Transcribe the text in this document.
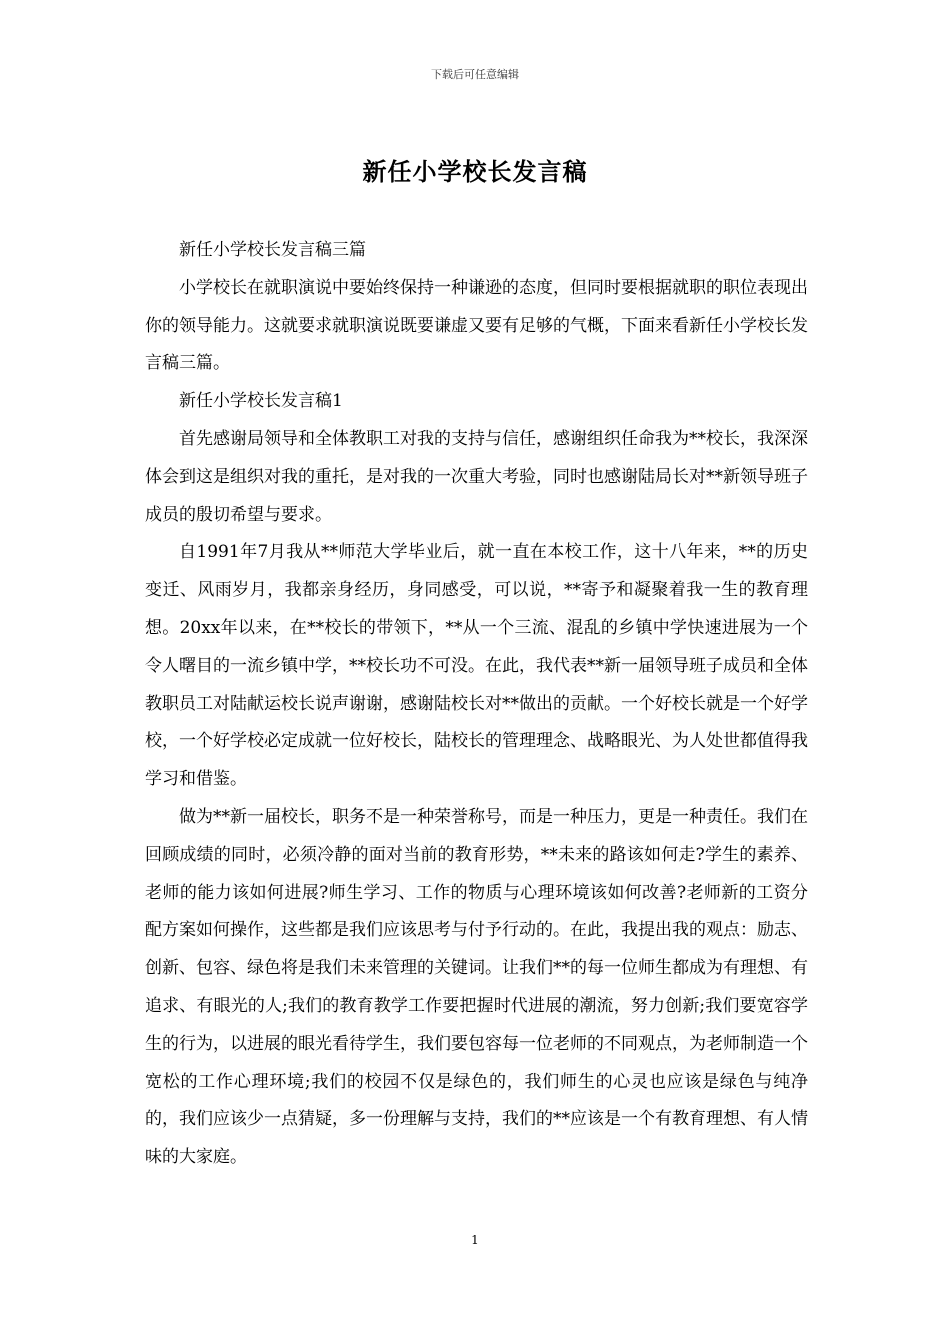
下载后可任意编辑
新任小学校长发言稿

新任小学校长发言稿三篇

小学校长在就职演说中要始终保持一种谦逊的态度，但同时要根据就职的职位表现出你的领导能力。这就要求就职演说既要谦虚又要有足够的气概，下面来看新任小学校长发言稿三篇。

新任小学校长发言稿1

首先感谢局领导和全体教职工对我的支持与信任，感谢组织任命我为**校长，我深深体会到这是组织对我的重托，是对我的一次重大考验，同时也感谢陆局长对**新领导班子成员的殷切希望与要求。

自1991年7月我从**师范大学毕业后，就一直在本校工作，这十八年来，**的历史变迁、风雨岁月，我都亲身经历，身同感受，可以说，**寄予和凝聚着我一生的教育理想。20xx年以来，在**校长的带领下，**从一个三流、混乱的乡镇中学快速进展为一个令人曙目的一流乡镇中学，**校长功不可没。在此，我代表**新一届领导班子成员和全体教职员工对陆献运校长说声谢谢，感谢陆校长对**做出的贡献。一个好校长就是一个好学校，一个好学校必定成就一位好校长，陆校长的管理理念、战略眼光、为人处世都值得我学习和借鉴。

做为**新一届校长，职务不是一种荣誉称号，而是一种压力，更是一种责任。我们在回顾成绩的同时，必须冷静的面对当前的教育形势，**未来的路该如何走?学生的素养、老师的能力该如何进展?师生学习、工作的物质与心理环境该如何改善?老师新的工资分配方案如何操作，这些都是我们应该思考与付予行动的。在此，我提出我的观点：励志、创新、包容、绿色将是我们未来管理的关键词。让我们**的每一位师生都成为有理想、有追求、有眼光的人;我们的教育教学工作要把握时代进展的潮流，努力创新;我们要宽容学生的行为，以进展的眼光看待学生，我们要包容每一位老师的不同观点，为老师制造一个宽松的工作心理环境;我们的校园不仅是绿色的，我们师生的心灵也应该是绿色与纯净的，我们应该少一点猜疑，多一份理解与支持，我们的**应该是一个有教育理想、有人情味的大家庭。

1
